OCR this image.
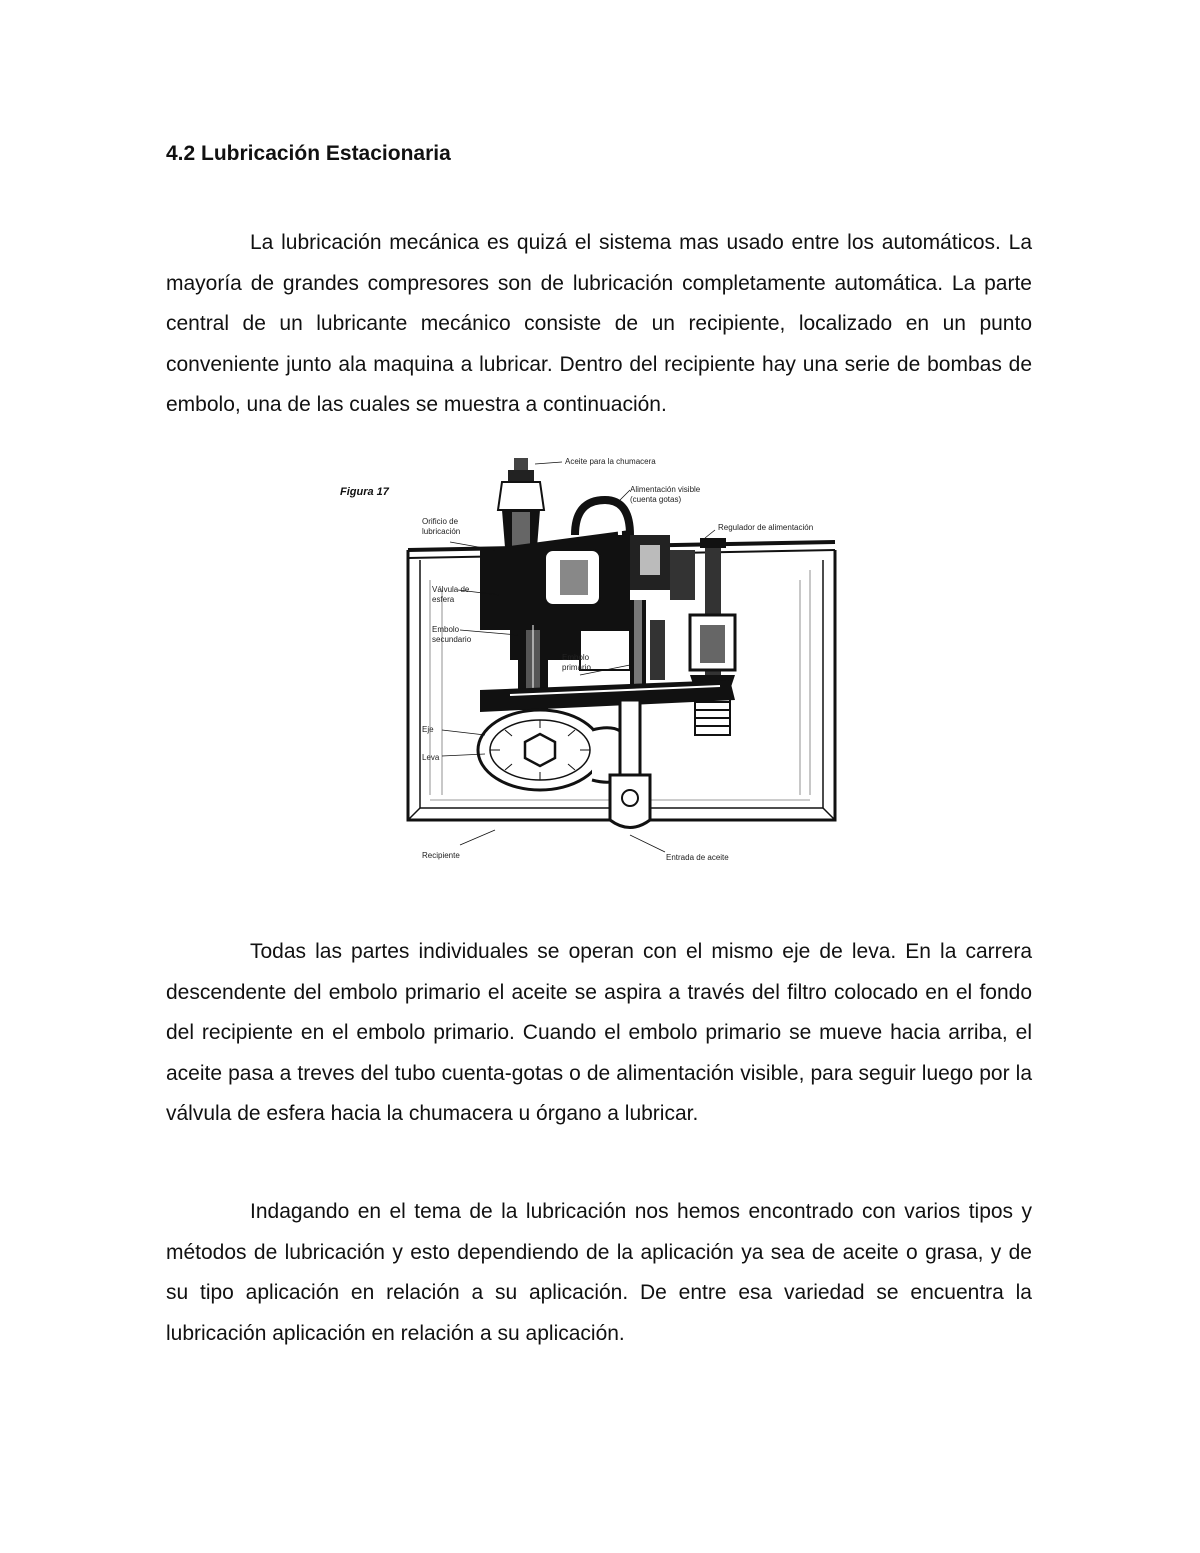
4.2 Lubricación Estacionaria

La lubricación mecánica es quizá el sistema mas usado entre los automáticos. La mayoría de grandes compresores son de lubricación completamente automática. La parte central de un lubricante mecánico consiste de un recipiente, localizado en un punto conveniente junto ala maquina a lubricar. Dentro del recipiente hay una serie de bombas de embolo, una de las cuales se muestra a continuación.

Figura 17
Aceite para la chumacera
Alimentación visible
(cuenta gotas)
Regulador de alimentación
Orificio de
lubricación
Válvula de
esfera
Embolo
secundario
Embolo
primario
Eje
Leva
Recipiente	Entrada de aceite

Todas las partes individuales se operan con el mismo eje de leva. En la carrera descendente del embolo primario el aceite se aspira a través del filtro colocado en el fondo del recipiente en el embolo primario. Cuando el embolo primario se mueve hacia arriba, el aceite pasa a treves del tubo cuenta-gotas o de alimentación visible, para seguir luego por la válvula de esfera hacia la chumacera u órgano a lubricar.

Indagando en el tema de la lubricación nos hemos encontrado con varios tipos y métodos de lubricación y esto dependiendo de la aplicación ya sea de aceite o grasa, y de su tipo aplicación en relación a su aplicación. De entre esa variedad se encuentra la lubricación aplicación en relación a su aplicación.
